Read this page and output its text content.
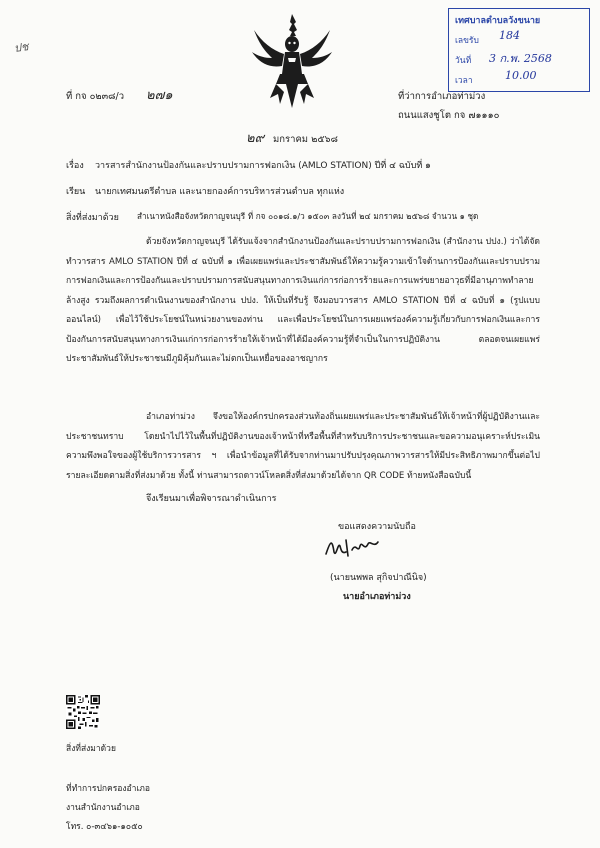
ปช
เทศบาลตำบลวังขนาย
เลขรับ 184
วันที่ 3 ก.พ. 2568
เวลา	10.00
ที่ กจ ๐๒๓๘/ว ๒๗๑	ที่ว่าการอำเภอท่าม่วง
ถนนแสงชูโต กจ ๗๑๑๑๐
๒๙ มกราคม ๒๕๖๘
เรื่อง วารสารสำนักงานป้องกันและปราบปรามการฟอกเงิน (AMLO STATION) ปีที่ ๔ ฉบับที่ ๑
เรียน นายกเทศมนตรีตำบล และนายกองค์การบริหารส่วนตำบล ทุกแห่ง
สิ่งที่ส่งมาด้วย สำเนาหนังสือจังหวัดกาญจนบุรี ที่ กจ ๐๐๑๘.๑/ว ๑๕๐๓ ลงวันที่ ๒๔ มกราคม ๒๕๖๘ จำนวน ๑ ชุด
ด้วยจังหวัดกาญจนบุรี ได้รับแจ้งจากสำนักงานป้องกันและปราบปรามการฟอกเงิน (สำนักงาน ปปง.) ว่าได้จัดทำวารสาร AMLO STATION ปีที่ ๔ ฉบับที่ ๑ เพื่อเผยแพร่และประชาสัมพันธ์ให้ความรู้ความเข้าใจด้านการป้องกันและปราบปรามการฟอกเงินและการป้องกันและปราบปรามการสนับสนุนทางการเงินแก่การก่อการร้ายและการแพร่ขยายอาวุธที่มีอานุภาพทำลายล้างสูง รวมถึงผลการดำเนินงานของสำนักงาน ปปง. ให้เป็นที่รับรู้ จึงมอบวารสาร AMLO STATION ปีที่ ๔ ฉบับที่ ๑ (รูปแบบออนไลน์) เพื่อไว้ใช้ประโยชน์ในหน่วยงานของท่าน และเพื่อประโยชน์ในการเผยแพร่องค์ความรู้เกี่ยวกับการฟอกเงินและการป้องกันการสนับสนุนทางการเงินแก่การก่อการร้ายให้เจ้าหน้าที่ได้มีองค์ความรู้ที่จำเป็นในการปฏิบัติงาน ตลอดจนเผยแพร่ประชาสัมพันธ์ให้ประชาชนมีภูมิคุ้มกันและไม่ตกเป็นเหยื่อของอาชญากร
อำเภอท่าม่วง จึงขอให้องค์กรปกครองส่วนท้องถิ่นเผยแพร่และประชาสัมพันธ์ให้เจ้าหน้าที่ผู้ปฏิบัติงานและประชาชนทราบ โดยนำไปไว้ในพื้นที่ปฏิบัติงานของเจ้าหน้าที่หรือพื้นที่สำหรับบริการประชาชนและขอความอนุเคราะห์ประเมินความพึงพอใจของผู้ใช้บริการวารสาร ฯ เพื่อนำข้อมูลที่ได้รับจากท่านมาปรับปรุงคุณภาพวารสารให้มีประสิทธิภาพมากขึ้นต่อไป รายละเอียดตามสิ่งที่ส่งมาด้วย ทั้งนี้ ท่านสามารถดาวน์โหลดสิ่งที่ส่งมาด้วยได้จาก QR CODE ท้ายหนังสือฉบับนี้
จึงเรียนมาเพื่อพิจารณาดำเนินการ
ขอแสดงความนับถือ
(นายนพพล สุกิจปาณีนิจ)
นายอำเภอท่าม่วง
สิ่งที่ส่งมาด้วย
ที่ทำการปกครองอำเภอ
งานสำนักงานอำเภอ
โทร. ๐-๓๔๖๑-๑๐๕๐
